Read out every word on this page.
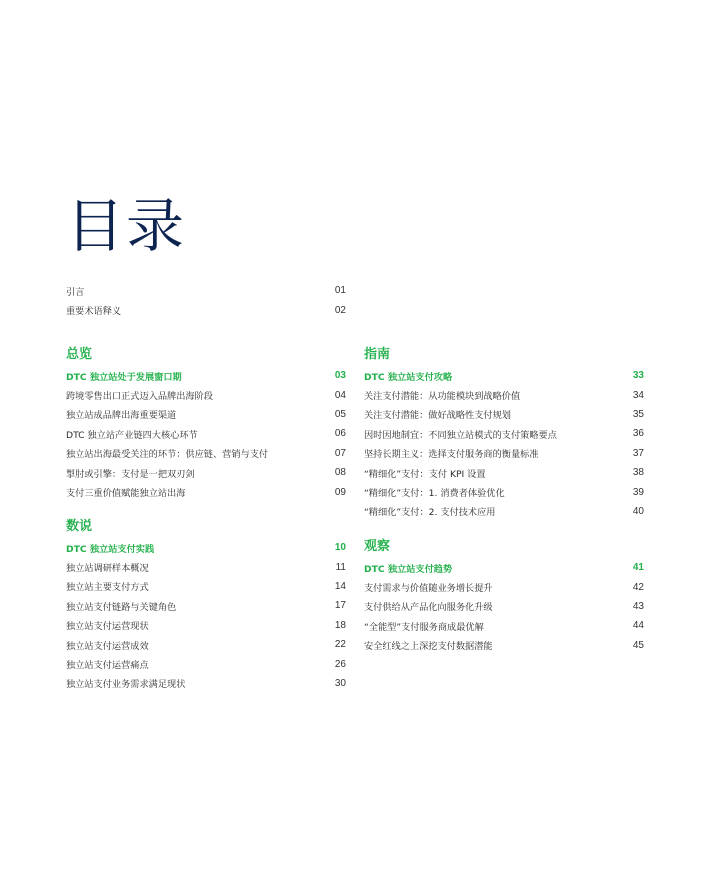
目录
引言	01
重要术语释义	02
总览
DTC 独立站处于发展窗口期	03
跨境零售出口正式迈入品牌出海阶段	04
独立站成品牌出海重要渠道	05
DTC 独立站产业链四大核心环节	06
独立站出海最受关注的环节：供应链、营销与支付	07
掣肘或引擎：支付是一把双刃剑	08
支付三重价值赋能独立站出海	09
数说
DTC 独立站支付实践	10
独立站调研样本概况	11
独立站主要支付方式	14
独立站支付链路与关键角色	17
独立站支付运营现状	18
独立站支付运营成效	22
独立站支付运营痛点	26
独立站支付业务需求满足现状	30
指南
DTC 独立站支付攻略	33
关注支付潜能：从功能模块到战略价值	34
关注支付潜能：做好战略性支付规划	35
因时因地制宜：不同独立站模式的支付策略要点	36
坚持长期主义：选择支付服务商的衡量标准	37
“精细化”支付：支付 KPI 设置	38
“精细化”支付：1. 消费者体验优化	39
“精细化”支付：2. 支付技术应用	40
观察
DTC 独立站支付趋势	41
支付需求与价值随业务增长提升	42
支付供给从产品化向服务化升级	43
“全能型”支付服务商成最优解	44
安全红线之上深挖支付数据潜能	45
